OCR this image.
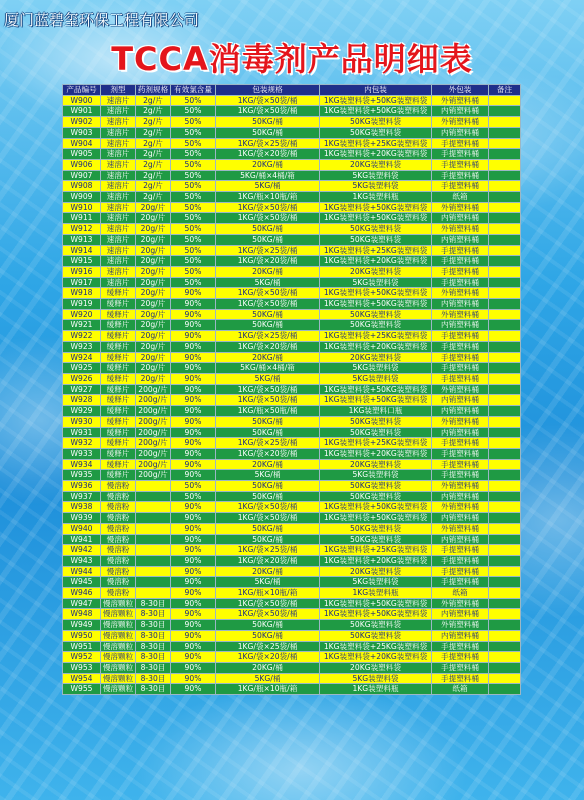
厦门蓝碧玺环保工程有限公司
TCCA消毒剂产品明细表
产品编号	剂型	药剂规格	有效氯含量	包装规格	内包装	外包装	备注
W900	速溶片	2g/片	50%	1KG/袋×50袋/桶	1KG装塑料袋+50KG装塑料袋	外销塑料桶	
W901	速溶片	2g/片	50%	1KG/袋×50袋/桶	1KG装塑料袋+50KG装塑料袋	内销塑料桶	
W902	速溶片	2g/片	50%	50KG/桶	50KG装塑料袋	外销塑料桶	
W903	速溶片	2g/片	50%	50KG/桶	50KG装塑料袋	内销塑料桶	
W904	速溶片	2g/片	50%	1KG/袋×25袋/桶	1KG装塑料袋+25KG装塑料袋	手提塑料桶	
W905	速溶片	2g/片	50%	1KG/袋×20袋/桶	1KG装塑料袋+20KG装塑料袋	手提塑料桶	
W906	速溶片	2g/片	50%	20KG/桶	20KG装塑料袋	手提塑料桶	
W907	速溶片	2g/片	50%	5KG/桶×4桶/箱	5KG装塑料袋	手提塑料桶	
W908	速溶片	2g/片	50%	5KG/桶	5KG装塑料袋	手提塑料桶	
W909	速溶片	2g/片	50%	1KG/瓶×10瓶/箱	1KG装塑料瓶	纸箱	
W910	速溶片	20g/片	50%	1KG/袋×50袋/桶	1KG装塑料袋+50KG装塑料袋	外销塑料桶	
W911	速溶片	20g/片	50%	1KG/袋×50袋/桶	1KG装塑料袋+50KG装塑料袋	内销塑料桶	
W912	速溶片	20g/片	50%	50KG/桶	50KG装塑料袋	外销塑料桶	
W913	速溶片	20g/片	50%	50KG/桶	50KG装塑料袋	内销塑料桶	
W914	速溶片	20g/片	50%	1KG/袋×25袋/桶	1KG装塑料袋+25KG装塑料袋	手提塑料桶	
W915	速溶片	20g/片	50%	1KG/袋×20袋/桶	1KG装塑料袋+20KG装塑料袋	手提塑料桶	
W916	速溶片	20g/片	50%	20KG/桶	20KG装塑料袋	手提塑料桶	
W917	速溶片	20g/片	50%	5KG/桶	5KG装塑料袋	手提塑料桶	
W918	缓释片	20g/片	90%	1KG/袋×50袋/桶	1KG装塑料袋+50KG装塑料袋	外销塑料桶	
W919	缓释片	20g/片	90%	1KG/袋×50袋/桶	1KG装塑料袋+50KG装塑料袋	内销塑料桶	
W920	缓释片	20g/片	90%	50KG/桶	50KG装塑料袋	外销塑料桶	
W921	缓释片	20g/片	90%	50KG/桶	50KG装塑料袋	内销塑料桶	
W922	缓释片	20g/片	90%	1KG/袋×25袋/桶	1KG装塑料袋+25KG装塑料袋	手提塑料桶	
W923	缓释片	20g/片	90%	1KG/袋×20袋/桶	1KG装塑料袋+20KG装塑料袋	手提塑料桶	
W924	缓释片	20g/片	90%	20KG/桶	20KG装塑料袋	手提塑料桶	
W925	缓释片	20g/片	90%	5KG/桶×4桶/箱	5KG装塑料袋	手提塑料桶	
W926	缓释片	20g/片	90%	5KG/桶	5KG装塑料袋	手提塑料桶	
W927	缓释片	200g/片	90%	1KG/袋×50袋/桶	1KG装塑料袋+50KG装塑料袋	外销塑料桶	
W928	缓释片	200g/片	90%	1KG/袋×50袋/桶	1KG装塑料袋+50KG装塑料袋	内销塑料桶	
W929	缓释片	200g/片	90%	1KG/瓶×50瓶/桶	1KG装塑料口瓶	内销塑料桶	
W930	缓释片	200g/片	90%	50KG/桶	50KG装塑料袋	外销塑料桶	
W931	缓释片	200g/片	90%	50KG/桶	50KG装塑料袋	内销塑料桶	
W932	缓释片	200g/片	90%	1KG/袋×25袋/桶	1KG装塑料袋+25KG装塑料袋	手提塑料桶	
W933	缓释片	200g/片	90%	1KG/袋×20袋/桶	1KG装塑料袋+20KG装塑料袋	手提塑料桶	
W934	缓释片	200g/片	90%	20KG/桶	20KG装塑料袋	手提塑料桶	
W935	缓释片	200g/片	90%	5KG/桶	5KG装塑料袋	手提塑料桶	
W936	慢溶粉		50%	50KG/桶	50KG装塑料袋	外销塑料桶	
W937	慢溶粉		50%	50KG/桶	50KG装塑料袋	内销塑料桶	
W938	慢溶粉		90%	1KG/袋×50袋/桶	1KG装塑料袋+50KG装塑料袋	外销塑料桶	
W939	慢溶粉		90%	1KG/袋×50袋/桶	1KG装塑料袋+50KG装塑料袋	内销塑料桶	
W940	慢溶粉		90%	50KG/桶	50KG装塑料袋	外销塑料桶	
W941	慢溶粉		90%	50KG/桶	50KG装塑料袋	内销塑料桶	
W942	慢溶粉		90%	1KG/袋×25袋/桶	1KG装塑料袋+25KG装塑料袋	手提塑料桶	
W943	慢溶粉		90%	1KG/袋×20袋/桶	1KG装塑料袋+20KG装塑料袋	手提塑料桶	
W944	慢溶粉		90%	20KG/桶	20KG装塑料袋	手提塑料桶	
W945	慢溶粉		90%	5KG/桶	5KG装塑料袋	手提塑料桶	
W946	慢溶粉		90%	1KG/瓶×10瓶/箱	1KG装塑料瓶	纸箱	
W947	慢溶颗粒	8-30目	90%	1KG/袋×50袋/桶	1KG装塑料袋+50KG装塑料袋	外销塑料桶	
W948	慢溶颗粒	8-30目	90%	1KG/袋×50袋/桶	1KG装塑料袋+50KG装塑料袋	内销塑料桶	
W949	慢溶颗粒	8-30目	90%	50KG/桶	50KG装塑料袋	外销塑料桶	
W950	慢溶颗粒	8-30目	90%	50KG/桶	50KG装塑料袋	内销塑料桶	
W951	慢溶颗粒	8-30目	90%	1KG/袋×25袋/桶	1KG装塑料袋+25KG装塑料袋	手提塑料桶	
W952	慢溶颗粒	8-30目	90%	1KG/袋×20袋/桶	1KG装塑料袋+20KG装塑料袋	手提塑料桶	
W953	慢溶颗粒	8-30目	90%	20KG/桶	20KG装塑料袋	手提塑料桶	
W954	慢溶颗粒	8-30目	90%	5KG/桶	5KG装塑料袋	手提塑料桶	
W955	慢溶颗粒	8-30目	90%	1KG/瓶×10瓶/箱	1KG装塑料瓶	纸箱	
